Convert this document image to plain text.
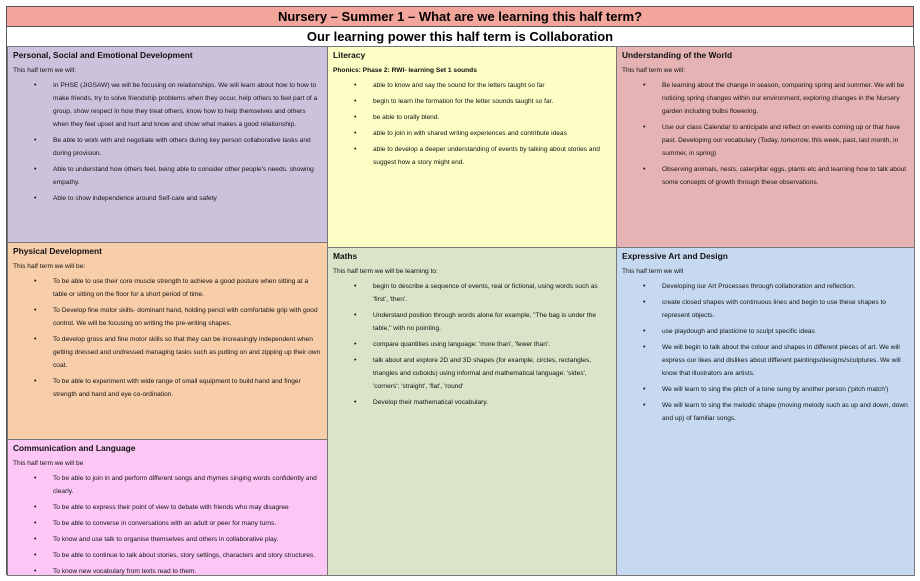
Nursery – Summer 1 – What are we learning this half term?
Our learning power this half term is Collaboration
Personal, Social and Emotional Development

This half term we will:

• In PHSE (JIGSAW) we will be focusing on relationships. We will learn about how to how to make friends, try to solve friendship problems when they occur, help others to feel part of a group, show respect in how they treat others, know how to help themselves and others when they feel upset and hurt and know and show what makes a good relationship.
• Be able to work with and negotiate with others during key person collaborative tasks and during provision.
• Able to understand how others feel, being able to consider other people's needs. showing empathy.
• Able to show independence around Self-care and safety
Physical Development

This half term we will be:

• To be able to use their core muscle strength to achieve a good posture when sitting at a table or sitting on the floor for a short period of time.
• To Develop fine motor skills- dominant hand, holding pencil with comfortable grip with good control. We will be focusing on writing the pre-writing shapes.
• To develop gross and fine motor skills so that they can be increasingly independent when getting dressed and undressed managing tasks such as putting on and zipping up their own coat.
• To be able to experiment with wide range of small equipment to build hand and finger strength and hand and eye co-ordination.
Communication and Language

This half term we will be

• To be able to join in and perform different songs and rhymes singing words confidently and clearly.
• To be able to express their point of view to debate with friends who may disagree
• To be able to converse in conversations with an adult or peer for many turns.
• To know and use talk to organise themselves and others in collaborative play.
• To be able to continue to talk about stories, story settings, characters and story structures.
• To know new vocabulary from texts read to them.
Literacy

Phonics: Phase 2: RWI- learning Set 1 sounds

• able to know and say the sound for the letters taught so far
• begin to learn the formation for the letter sounds taught so far.
• be able to orally blend.
• able to join in with shared writing experiences and contribute ideas
• able to develop a deeper understanding of events by talking about stories and suggest how a story might end.
Maths

This half term we will be learning to:

• begin to describe a sequence of events, real or fictional, using words such as 'first', 'then'.
• Understand position through words alone for example, "The bag is under the table," with no pointing.
• compare quantities using language: 'more than', 'fewer than'.
• talk about and explore 2D and 3D shapes (for example, circles, rectangles, triangles and cuboids) using informal and mathematical language: 'sides', 'corners'; 'straight', 'flat', 'round'
• Develop their mathematical vocabulary.
Understanding of the World

This half term we will:

• Be learning about the change in season, comparing spring and summer. We will be noticing spring changes within our environment, exploring changes in the Nursery garden including bulbs flowering.
• Use our class Calendar to anticipate and reflect on events coming up or that have past. Developing our vocabulary (Today, tomorrow, this week, past, last month, in summer, in spring)
• Observing animals, nests, caterpillar eggs, plants etc and learning how to talk about some concepts of growth through these observations.
Expressive Art and Design

This half term we will

• Developing our Art Processes through collaboration and reflection.
• create closed shapes with continuous lines and begin to use these shapes to represent objects.
• use playdough and plasticine to sculpt specific ideas
• We will begin to talk about the colour and shapes in different pieces of art. We will express our likes and dislikes about different paintings/designs/sculptures. We will know that illustrators are artists.
• We will learn to sing the pitch of a tone sung by another person ('pitch match')
• We will learn to sing the melodic shape (moving melody such as up and down, down and up) of familiar songs.
